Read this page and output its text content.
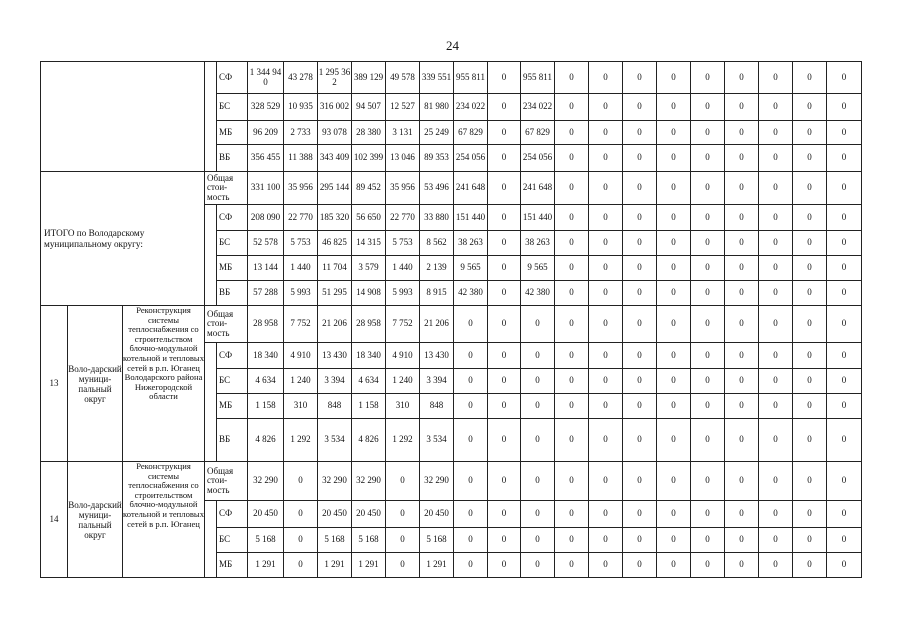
24
		СФ	1 344 940	43 278	1 295 362	389 129	49 578	339 551	955 811	0	955 811	0	0	0	0	0	0	0	0	0
				БС	328 529	10 935	316 002	94 507	12 527	81 980	234 022	0	234 022	0	0	0	0	0	0	0	0	0
				МБ	96 209	2 733	93 078	28 380	3 131	25 249	67 829	0	67 829	0	0	0	0	0	0	0	0	0
				ВБ	356 455	11 388	343 409	102 399	13 046	89 353	254 056	0	254 056	0	0	0	0	0	0	0	0	0
ИТОГО по Володарскому муниципальному округу:			Общая стои-мость		331 100	35 956	295 144	89 452	35 956	53 496	241 648	0	241 648	0	0	0	0	0	0	0	0	0
	СФ	208 090	22 770	185 320	56 650	22 770	33 880	151 440	0	151 440	0	0	0	0	0	0	0	0	0
				БС	52 578	5 753	46 825	14 315	5 753	8 562	38 263	0	38 263	0	0	0	0	0	0	0	0	0
				МБ	13 144	1 440	11 704	3 579	1 440	2 139	9 565	0	9 565	0	0	0	0	0	0	0	0	0
				ВБ	57 288	5 993	51 295	14 908	5 993	8 915	42 380	0	42 380	0	0	0	0	0	0	0	0	0
13	Воло-дарский муници-пальный округ	Реконструкция системы теплоснабжения со строительством блочно-модульной котельной и тепловых сетей в р.п. Юганец Володарского района Нижегородской области	Общая стои-мость		28 958	7 752	21 206	28 958	7 752	21 206	0	0	0	0	0	0	0	0	0	0	0	0
	СФ	18 340	4 910	13 430	18 340	4 910	13 430	0	0	0	0	0	0	0	0	0	0	0	0
				БС	4 634	1 240	3 394	4 634	1 240	3 394	0	0	0	0	0	0	0	0	0	0	0	0
				МБ	1 158	310	848	1 158	310	848	0	0	0	0	0	0	0	0	0	0	0	0
				ВБ	4 826	1 292	3 534	4 826	1 292	3 534	0	0	0	0	0	0	0	0	0	0	0	0
14	Воло-дарский муници-пальный округ	Реконструкция системы теплоснабжения со строительством блочно-модульной котельной и тепловых сетей в р.п. Юганец	Общая стои-мость		32 290	0	32 290	32 290	0	32 290	0	0	0	0	0	0	0	0	0	0	0	0
	СФ	20 450	0	20 450	20 450	0	20 450	0	0	0	0	0	0	0	0	0	0	0	0
				БС	5 168	0	5 168	5 168	0	5 168	0	0	0	0	0	0	0	0	0	0	0	0
				МБ	1 291	0	1 291	1 291	0	1 291	0	0	0	0	0	0	0	0	0	0	0	0
